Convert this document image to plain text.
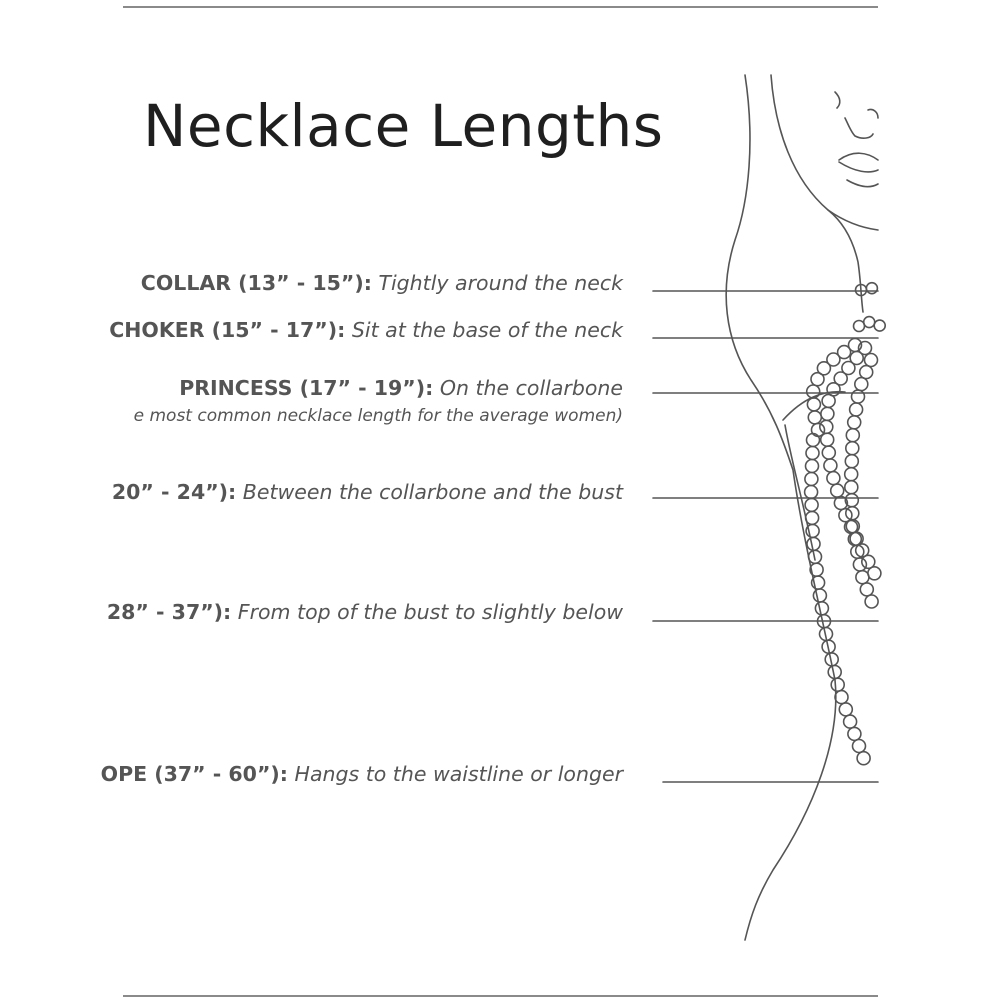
Necklace Lengths
COLLAR (13” - 15”): Tightly around the neck
CHOKER (15” - 17”): Sit at the base of the neck
PRINCESS (17” - 19”): On the collarbone
e most common necklace length for the average women)
20” - 24”): Between the collarbone and the bust
28” - 37”): From top of the bust to slightly below
OPE (37” - 60”): Hangs to the waistline or longer
